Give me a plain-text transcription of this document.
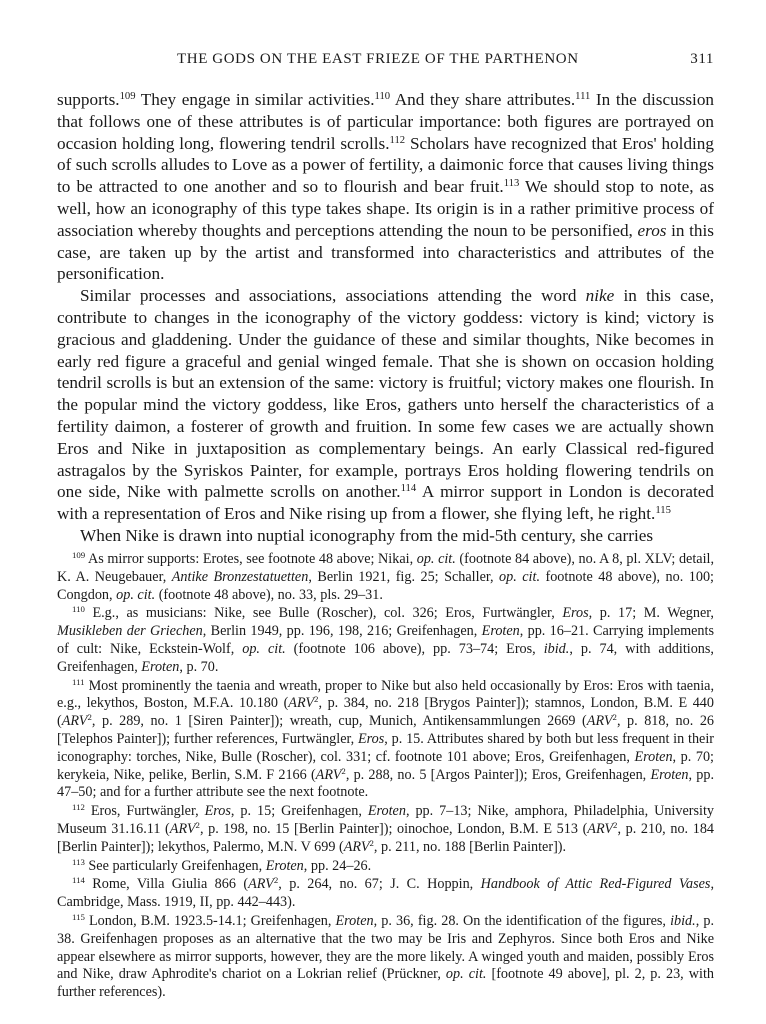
THE GODS ON THE EAST FRIEZE OF THE PARTHENON	311

supports.$^{109}$ They engage in similar activities.$^{110}$ And they share attributes.$^{111}$ In the discussion that follows one of these attributes is of particular importance: both figures are portrayed on occasion holding long, flowering tendril scrolls.$^{112}$ Scholars have recognized that Eros' holding of such scrolls alludes to Love as a power of fertility, a daimonic force that causes living things to be attracted to one another and so to flourish and bear fruit.$^{113}$ We should stop to note, as well, how an iconography of this type takes shape. Its origin is in a rather primitive process of association whereby thoughts and perceptions attending the noun to be personified, eros in this case, are taken up by the artist and transformed into characteristics and attributes of the personification.

Similar processes and associations, associations attending the word nike in this case, contribute to changes in the iconography of the victory goddess: victory is kind; victory is gracious and gladdening. Under the guidance of these and similar thoughts, Nike becomes in early red figure a graceful and genial winged female. That she is shown on occasion holding tendril scrolls is but an extension of the same: victory is fruitful; victory makes one flourish. In the popular mind the victory goddess, like Eros, gathers unto herself the characteristics of a fertility daimon, a fosterer of growth and fruition. In some few cases we are actually shown Eros and Nike in juxtaposition as complementary beings. An early Classical red-figured astragalos by the Syriskos Painter, for example, portrays Eros holding flowering tendrils on one side, Nike with palmette scrolls on another.$^{114}$ A mirror support in London is decorated with a representation of Eros and Nike rising up from a flower, she flying left, he right.$^{115}$

When Nike is drawn into nuptial iconography from the mid-5th century, she carries

$^{109}$ As mirror supports: Erotes, see footnote 48 above; Nikai, op. cit. (footnote 84 above), no. A 8, pl. XLV; detail, K. A. Neugebauer, Antike Bronzestatuetten, Berlin 1921, fig. 25; Schaller, op. cit. footnote 48 above), no. 100; Congdon, op. cit. (footnote 48 above), no. 33, pls. 29–31.

$^{110}$ E.g., as musicians: Nike, see Bulle (Roscher), col. 326; Eros, Furtwängler, Eros, p. 17; M. Wegner, Musikleben der Griechen, Berlin 1949, pp. 196, 198, 216; Greifenhagen, Eroten, pp. 16–21. Carrying implements of cult: Nike, Eckstein-Wolf, op. cit. (footnote 106 above), pp. 73–74; Eros, ibid., p. 74, with additions, Greifenhagen, Eroten, p. 70.

$^{111}$ Most prominently the taenia and wreath, proper to Nike but also held occasionally by Eros: Eros with taenia, e.g., lekythos, Boston, M.F.A. 10.180 (ARV$^2$, p. 384, no. 218 [Brygos Painter]); stamnos, London, B.M. E 440 (ARV$^2$, p. 289, no. 1 [Siren Painter]); wreath, cup, Munich, Antikensammlungen 2669 (ARV$^2$, p. 818, no. 26 [Telephos Painter]); further references, Furtwängler, Eros, p. 15. Attributes shared by both but less frequent in their iconography: torches, Nike, Bulle (Roscher), col. 331; cf. footnote 101 above; Eros, Greifenhagen, Eroten, p. 70; kerykeia, Nike, pelike, Berlin, S.M. F 2166 (ARV$^2$, p. 288, no. 5 [Argos Painter]); Eros, Greifenhagen, Eroten, pp. 47–50; and for a further attribute see the next footnote.

$^{112}$ Eros, Furtwängler, Eros, p. 15; Greifenhagen, Eroten, pp. 7–13; Nike, amphora, Philadelphia, University Museum 31.16.11 (ARV$^2$, p. 198, no. 15 [Berlin Painter]); oinochoe, London, B.M. E 513 (ARV$^2$, p. 210, no. 184 [Berlin Painter]); lekythos, Palermo, M.N. V 699 (ARV$^2$, p. 211, no. 188 [Berlin Painter]).

$^{113}$ See particularly Greifenhagen, Eroten, pp. 24–26.

$^{114}$ Rome, Villa Giulia 866 (ARV$^2$, p. 264, no. 67; J. C. Hoppin, Handbook of Attic Red-Figured Vases, Cambridge, Mass. 1919, II, pp. 442–443).

$^{115}$ London, B.M. 1923.5-14.1; Greifenhagen, Eroten, p. 36, fig. 28. On the identification of the figures, ibid., p. 38. Greifenhagen proposes as an alternative that the two may be Iris and Zephyros. Since both Eros and Nike appear elsewhere as mirror supports, however, they are the more likely. A winged youth and maiden, possibly Eros and Nike, draw Aphrodite's chariot on a Lokrian relief (Prückner, op. cit. [footnote 49 above], pl. 2, p. 23, with further references).
